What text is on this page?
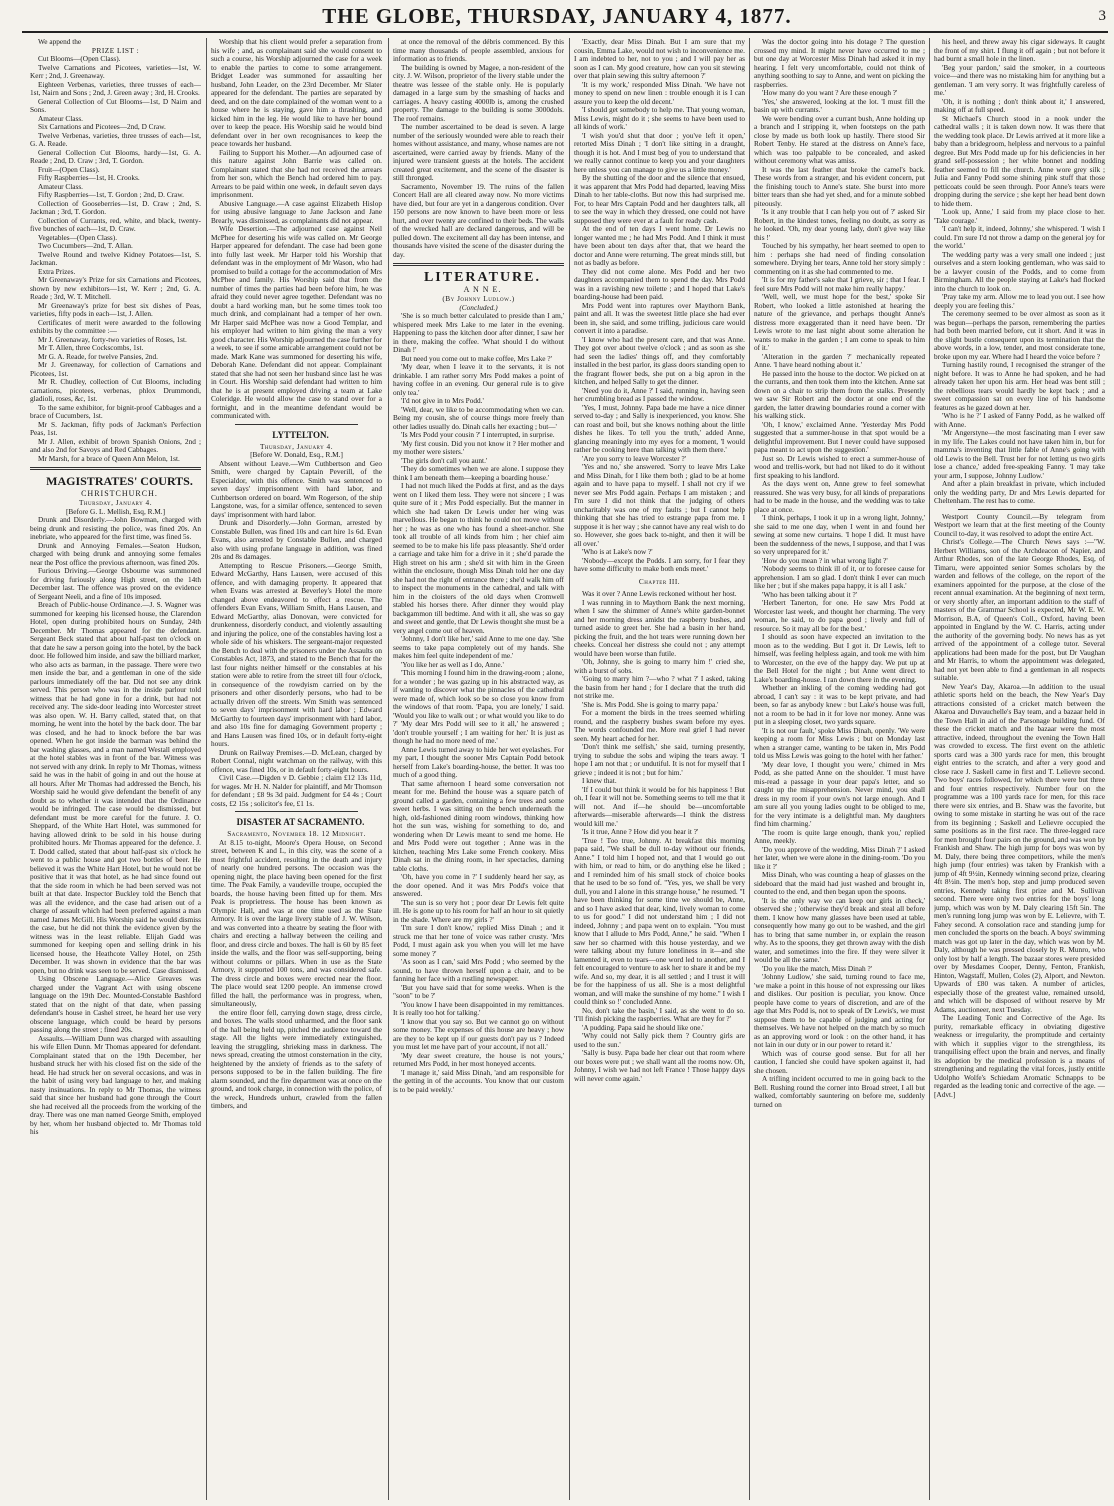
THE GLOBE, THURSDAY, JANUARY 4, 1877.	3

We append the

PRIZE LIST :

Cut Blooms—(Open Class).

Twelve Carnations and Picotees, varieties—1st, W. Kerr ; 2nd, J. Greenaway.

Eighteen Verbenas, varieties, three trusses of each—1st, Nairn and Sons ; 2nd, J. Green away ; 3rd, H. Crooks.

General Collection of Cut Blooms—1st, D Nairn and Sons.

Amateur Class.

Six Carnations and Picotees—2nd, D Craw.

Twelve Verbenas, varieties, three trusses of each—1st, G. A. Reade.

General Collection Cut Blooms, hardy—1st, G. A. Reade ; 2nd, D. Craw ; 3rd, T. Gordon.

Fruit—(Open Class).

Fifty Raspberries—1st, H. Crooks.

Amateur Class.

Fifty Raspberries—1st, T. Gordon ; 2nd, D. Craw.

Collection of Gooseberries—1st, D. Craw ; 2nd, S. Jackman ; 3rd, T. Gordon.

Collection of Currants, red, white, and black, twenty-five bunches of each—1st, D. Craw.

Vegetables—(Open Class).

Two Cucumbers—2nd, T. Allan.

Twelve Round and twelve Kidney Potatoes—1st, S. Jackman.

Extra Prizes.

Mr Greenaway's Prize for six Carnations and Picotees, shown by new exhibitors—1st, W. Kerr ; 2nd, G. A. Reade ; 3rd, W. T. Mitchell.

Mr Greenaway's prize for best six dishes of Peas, varieties, fifty pods in each—1st, J. Allen.

Certificates of merit were awarded to the following exhibits by the committee :—

Mr J. Greenaway, forty-two varieties of Roses, 1st.

Mr T. Allen, three Cockscombs, 1st.

Mr G. A. Reade, for twelve Pansies, 2nd.

Mr J. Greenaway, for collection of Carnations and Picotees, 1st.

Mr R. Chudley, collection of Cut Blooms, including carnations, picotees, verbenas, phlox Drummondi, gladioli, roses, &c, 1st.

To the same exhibitor, for bignit-proof Cabbages and a brace of Cucumbers, 1st.

Mr S. Jackman, fifty pods of Jackman's Perfection Peas, 1st.

Mr J. Allen, exhibit of brown Spanish Onions, 2nd ; and also 2nd for Savoys and Red Cabbages.

Mr Marsh, for a brace of Queen Ann Melon, 1st.

MAGISTRATES' COURTS.

CHRISTCHURCH.

Thursday, January 4.

[Before G. L. Mellish, Esq, R.M.]

Drunk and Disorderly.—John Bowman, charged with being drunk and resisting the police, was fined 20s. An inebriate, who appeared for the first time, was fined 5s.

Drunk and Annoying Females.—Seaton Hudson, charged with being drunk and annoying some females near the Post office the previous afternoon, was fined 20s.

Furious Driving.—George Osbourne was summoned for driving furiously along High street, on the 14th December last. The offence was proved on the evidence of Sergeant Neeli, and a fine of 10s imposed.

Breach of Public-house Ordinance.—J. S. Wagner was summoned for keeping his licensed house, the Clarendon Hotel, open during prohibited hours on Sunday, 24th December. Mr Thomas appeared for the defendant. Sergeant Beck stated that about half-past ten o'clock on that date he saw a person going into the hotel, by the back door. He followed him inside, and saw the billiard marker, who also acts as barman, in the passage. There were two men inside the bar, and a gentleman in one of the side parlours immediately off the bar. Did not see any drink served. This person who was in the inside parlour told witness that he had gone in for a drink, but had not received any. The side-door leading into Worcester street was also open. W. H. Barry called, stated that, on that morning, he went into the hotel by the back door. The bar was closed, and he had to knock before the bar was opened. When he got inside the barman was behind the bar washing glasses, and a man named Westall employed at the hotel stables was in front of the bar. Witness was not served with any drink. In reply to Mr Thomas, witness said he was in the habit of going in and out the house at all hours. After Mr Thomas had addressed the Bench, his Worship said he would give defendant the benefit of any doubt as to whether it was intended that the Ordinance would be infringed. The case would be dismissed, but defendant must be more careful for the future. J. O. Sheppard, of the White Hart Hotel, was summoned for having allowed drink to be sold in his house during prohibited hours. Mr Thomas appeared for the defence. J. T. Dodd called, stated that about half-past six o'clock he went to a public house and got two bottles of beer. He believed it was the White Hart Hotel, but he would not be positive that it was that hotel, as he had since found out that the side room in which he had been served was not built at that date. Inspector Buckley told the Bench that was all the evidence, and the case had arisen out of a charge of assault which had been preferred against a man named James McGill. His Worship said he would dismiss the case, but he did not think the evidence given by the witness was in the least reliable. Elijah Gadd was summoned for keeping open and selling drink in his licensed house, the Heathcote Valley Hotel, on 25th December. It was shown in evidence that the bar was open, but no drink was seen to be served. Case dismissed.

Using Obscene Language.—Alice Greaves was charged under the Vagrant Act with using obscene language on the 19th Dec. Mounted-Constable Bashford stated that on the night of that date, when passing defendant's house in Cashel street, he heard her use very obscene language, which could be heard by persons passing along the street ; fined 20s.

Assaults.—William Dunn was charged with assaulting his wife Ellen Dunn. Mr Thomas appeared for defendant. Complainant stated that on the 19th December, her husband struck her with his closed fist on the side of the head. He had struck her on several occasions, and was in the habit of using very bad language to her, and making nasty insinuations. In reply to Mr Thomas, the witness said that since her husband had gone through the Court she had received all the proceeds from the working of the dray. There was one man named George Smith, employed by her, whom her husband objected to. Mr Thomas told his

Worship that his client would prefer a separation from his wife ; and, as complainant said she would consent to such a course, his Worship adjourned the case for a week to enable the parties to come to some arrangement. Bridget Leader was summoned for assaulting her husband, John Leader, on the 23rd December. Mr Slater appeared for the defendant. The parties are separated by deed, and on the date complained of the woman went to a house where he is staying, gave him a thrashing, and kicked him in the leg. He would like to have her bound over to keep the peace. His Worship said he would bind defendant over in her own recognisances to keep the peace towards her husband.

Failing to Support his Mother.—An adjourned case of this nature against John Barrie was called on. Complainant stated that she had not received the arrears from her son, which the Bench had ordered him to pay. Arrears to be paid within one week, in default seven days imprisonment.

Abusive Language.—A case against Elizabeth Hislop for using abusive language to Jane Jackson and Jane Brearly, was dismissed, as complainants did not appear.

Wife Desertion.—The adjourned case against Neil McPhee for deserting his wife was called on. Mr George Harper appeared for defendant. The case had been gone into fully last week. Mr Harper told his Worship that defendant was in the employment of Mr Wason, who had promised to build a cottage for the accommodation of Mrs McPhee and family. His Worship said that from the number of times the parties had been before him, he was afraid they could never agree together. Defendant was no doubt a hard working man, but he some times took too much drink, and complainant had a temper of her own. Mr Harper said McPhee was now a Good Templar, and his employer had written to him giving the man a very good character. His Worship adjourned the case further for a week, to see if some amicable arrangement could not be made. Mark Kane was summoned for deserting his wife, Deborah Kane. Defendant did not appear. Complainant stated that she had not seen her husband since last he was in Court. His Worship said defendant had written to him that he is at present employed driving a team at Lake Coleridge. He would allow the case to stand over for a fortnight, and in the meantime defendant would be communicated with.

LYTTELTON.

Thursday, January 4.

[Before W. Donald, Esq., R.M.]

Absent without Leave.—Wm Cuthbertson and Geo Smith, were charged by Captain Peverill, of the Especialdor, with this offence. Smith was sentenced to seven days' imprisonment with hard labor, and Cuthbertson ordered on board. Wm Rogerson, of the ship Langstone, was, for a similar offence, sentenced to seven days' imprisonment with hard labor.

Drunk and Disorderly.—John Gorman, arrested by Constable Bullen, was fined 10s and cart hire 1s 6d. Evan Evans, also arrested by Constable Bullen, and charged also with using profane language in addition, was fined 20s and 8s damages.

Attempting to Rescue Prisoners.—George Smith, Edward McGarthy, Hans Lausen, were accused of this offence, and with damaging property. It appeared that when Evans was arrested at Beverley's Hotel the more changed above endeavored to effect a rescue. The offenders Evan Evans, William Smith, Hans Lausen, and Edward McGarthy, alias Donovan, were convicted for drunkenness, disorderly conduct, and violently assaulting and injuring the police, one of the constables having lost a whole side of his whiskers. The sergeant-major requested the Bench to deal with the prisoners under the Assaults on Constables Act, 1873, and stated to the Bench that for the last four nights neither himself or the constables at his station were able to retire from the street till four o'clock, in consequence of the rowdyism carried on by the prisoners and other disorderly persons, who had to be actually driven off the streets. Wm Smith was sentenced to seven days' imprisonment with hard labor ; Edward McGarthy to fourteen days' imprisonment with hard labor, and also 10s fine for damaging Government property ; and Hans Lausen was fined 10s, or in default forty-eight hours.

Drunk on Railway Premises.—D. McLean, charged by Robert Connal, night watchman on the railway, with this offence, was fined 10s, or in default forty-eight hours.

Civil Case.—Digden v D. Gebbie ; claim £12 13s 11d, for wages. Mr H. N. Nalder for plaintiff, and Mr Thomson for defendant ; £8 9s 3d paid. Judgment for £4 4s ; Court costs, £2 15s ; solicitor's fee, £1 1s.

DISASTER AT SACRAMENTO.

Sacramento, November 18. 12 Midnight.

At 8.15 to-night, Moore's Opera House, on Second street, between K and L, in this city, was the scene of a most frightful accident, resulting in the death and injury of nearly one hundred persons. The occasion was the opening night, the place having been opened for the first time. The Peak Family, a vaudeville troupe, occupied the boards, the house having been fitted up for them. Mrs Peak is proprietress. The house has been known as Olympic Hall, and was at one time used as the State Armory. It is over the large livery stable of J. W. Wilson, and was converted into a theatre by seating the floor with chairs and erecting a hallway between the ceiling and floor, and dress circle and boxes. The hall is 60 by 85 feet inside the walls, and the floor was self-supporting, being without columns or pillars. When in use as the State Armory, it supported 100 tons, and was considered safe. The dress circle and boxes were erected near the floor. The place would seat 1200 people. An immense crowd filled the hall, the performance was in progress, when, simultaneously,

the entire floor fell, carrying down stage, dress circle, and boxes. The walls stood unharmed, and the floor sank of the hall being held up, pitched the audience toward the stage. All the lights were immediately extinguished, leaving the struggling, shrieking mass in darkness. The news spread, creating the utmost consternation in the city, heightened by the anxiety of friends as to the safety of persons supposed to be in the fallen building. The fire alarm sounded, and the fire department was at once on the ground, and took charge, in connection with the police, of the wreck, Hundreds unhurt, crawled from the fallen timbers, and

at once the removal of the débris commenced. By this time many thousands of people assembled, anxious for information as to friends.

The building is owned by Magee, a non-resident of the city. J. W. Wilson, proprietor of the livery stable under the theatre was lessee of the stable only. He is popularly damaged in a large sum by the smashing of hacks and carriages. A heavy casting 4000lb is, among the crushed property. The damage to the building is some 3000dols. The roof remains.

The number ascertained to be dead is seven. A large number of the seriously wounded were able to reach their homes without assistance, and many, whose names are not ascertained, were carried away by friends. Many of the injured were transient guests at the hotels. The accident created great excitement, and the scene of the disaster is still thronged.

Sacramento, November 19. The ruins of the fallen Concert Hall are all cleared away now. No more victims have died, but four are yet in a dangerous condition. Over 150 persons are now known to have been more or less hurt, and over twenty are confined to their beds. The walls of the wrecked hall are declared dangerous, and will be pulled down. The excitement all day has been intense, and thousands have visited the scene of the disaster during the day.

LITERATURE.

A N N E.

(By Johnny Ludlow.)

(Concluded.)

'She is so much better calculated to preside than I am,' whispered meek Mrs Lake to me later in the evening. Happening to pass the kitchen door after dinner, I saw her in there, making the coffee. 'What should I do without Dinah !'

But need you come out to make coffee, Mrs Lake ?'

'My dear, when I leave it to the servants, it is not drinkable. I am rather sorry Mrs Podd makes a point of having coffee in an evening. Our general rule is to give only tea.'

'I'd not give in to Mrs Podd.'

'Well, dear, we like to be accommodating when we can. Being my cousin, she of course things more freely than other ladies usually do. Dinah calls her exacting ; but—'

'Is Mrs Podd your cousin ?' I interrupted, in surprise.

'My first cousin. Did you not know it ? Her mother and my mother were sisters.'

'The girls don't call you aunt.'

'They do sometimes when we are alone. I suppose they think I am beneath them—keeping a boarding house.'

I had not much liked the Podds at first, and as the days went on I liked them less. They were not sincere ; I was quite sure of it ; Mrs Podd especially. But the manner in which she had taken Dr Lewis under her wing was marvellous. He began to think he could not move without her ; he was as one who has found a sheet-anchor. She took all trouble of all kinds from him ; her chief aim seemed to be to make his life pass pleasantly. She'd order a carriage and take him for a drive in it ; she'd parade the High street on his arm ; she'd sit with him in the Green within the enclosure, though Miss Dinah told her one day she had not the right of entrance there ; she'd walk him off to inspect the monuments in the cathedral, and talk with him in the cloisters of the old days when Cromwell stabled his horses there. After dinner they would play backgammon till bedtime. And with it all, she was so gay and sweet and gentle, that Dr Lewis thought she must be a very angel come out of heaven.

'Johnny, I don't like her,' said Anne to me one day. 'She seems to take papa completely out of my hands. She makes him feel quite independent of me.'

'You like her as well as I do, Anne.'

'This morning I found him in the drawing-room ; alone, for a wonder ; he was gazing up in his abstracted way, as if wanting to discover what the pinnacles of the cathedral were made of, which look so be so close you know from the windows of that room. 'Papa, you are lonely,' I said. 'Would you like to walk out ; or what would you like to do ?' 'My dear Mrs Podd will see to it all,' he answered ; 'don't trouble yourself ; I am waiting for her.' It is just as though he had no more need of me.'

Anne Lewis turned away to hide her wet eyelashes. For my part, I thought the sooner Mrs Captain Podd betook herself from Lake's boarding-house, the better. It was too much of a good thing.

That same afternoon I heard some conversation not meant for me. Behind the house was a square patch of ground called a garden, containing a few trees and some sweet herbs. I was sitting on the bench underneath the high, old-fashioned dining room windows, thinking how hot the sun was, wishing for something to do, and wondering when Dr Lewis meant to send me home. He and Mrs Podd were out together ; Anne was in the kitchen, teaching Mrs Lake some French cookery. Miss Dinah sat in the dining room, in her spectacles, darning table cloths.

'Oh, have you come in ?' I suddenly heard her say, as the door opened. And it was Mrs Podd's voice that answered.

'The sun is so very hot ; poor dear Dr Lewis felt quite ill. He is gone up to his room for half an hour to sit quietly in the shade. Where are my girls ?'

'I'm sure I don't know,' replied Miss Dinah ; and it struck me that her tone of voice was rather crusty. 'Mrs Podd, I must again ask you when you will let me have some money ?'

'As soon as I can,' said Mrs Podd ; who seemed by the sound, to have thrown herself upon a chair, and to be fanning her face with a rustling newspaper.

'But you have said that for some weeks. When is the "soon" to be ?'

'You know I have been disappointed in my remittances. It is really too hot for talking.'

'I know that you say so. But we cannot go on without some money. The expenses of this house are heavy ; how are they to be kept up if our guests don't pay us ? Indeed you must let me have part of your account, if not all.'

'My dear sweet creature, the house is not yours,' returned Mrs Podd, in her most honeyed accents.

'I manage it,' said Miss Dinah, 'and am responsible for the getting in of the accounts. You know that our custom is to be paid weekly.'

'Exactly, dear Miss Dinah. But I am sure that my cousin, Emma Lake, would not wish to inconvenience me. I am indebted to her, not to you ; and I will pay her as soon as I can. My good creature, how can you sit stewing over that plain sewing this sultry afternoon ?'

'It is my work,' responded Miss Dinah. 'We have not money to spend on new linen : trouble enough it is I can assure you to keep the old decent.'

'I should get somebody to help me. That young woman, Miss Lewis, might do it ; she seems to have been used to all kinds of work.'

'I wish you'd shut that door ; you've left it open,' retorted Miss Dinah ; 'I don't like sitting in a draught, though it is hot. And I must beg of you to understand that we really cannot continue to keep you and your daughters here unless you can manage to give us a little money.'

By the shutting of the door and the silence that ensued, it was apparent that Mrs Podd had departed, leaving Miss Dinah to her table-cloths. But now this had surprised me. For, to hear Mrs Captain Podd and her daughters talk, all to see the way in which they dressed, one could not have supposed they were ever at a fault for ready cash.

At the end of ten days I went home. Dr Lewis no longer wanted me ; he had Mrs Podd. And I think it must have been about ten days after that, that we heard the doctor and Anne were returning. The great minds still, but not as badly as before.

They did not come alone. Mrs Podd and her two daughters accompanied them to spend the day. Mrs Podd was in a ravishing new toilette ; and I hoped that Lake's boarding-house had been paid.

Mrs Podd went into raptures over Maythorn Bank, paint and all. It was the sweetest little place she had ever been in, she said, and some trifling, judicious care would convert it into a paradise.

'I know who had the present care, and that was Anne. They got over about twelve o'clock ; and as soon as she had seen the ladies' things off, and they comfortably installed in the best parlor, its glass doors standing open to the fragrant flower beds, she put on a big apron in the kitchen, and helped Sally to get the dinner.

'Need you do it, Anne ?' I said, running in, having seen her crumbling bread as I passed the window.

'Yes, I must, Johnny. Papa bade me have a nice dinner served to-day ; and Sally is inexperienced, you know. She can roast and boil, but she knows nothing about the little dishes he likes. To tell you the truth,' added Anne, glancing meaningly into my eyes for a moment, 'I would rather be cooking here than talking with them there.'

'Are you sorry to leave Worcester ?'

'Yes and no,' she answered. 'Sorry to leave Mrs Lake and Miss Dinah, for I like them both ; glad to be at home again and to have papa to myself. I shall not cry if we never see Mrs Podd again. Perhaps I am mistaken ; and I'm sure I did not think that the judging of others uncharitably was one of my faults ; but I cannot help thinking that she has tried to estrange papa from me. I suppose it is her way ; she cannot have any real wish to do so. However, she goes back to-night, and then it will be all over.'

'Who is at Lake's now ?'

'Nobody—except the Podds. I am sorry, for I fear they have some difficulty to make both ends meet.'

Chapter III.

Was it over ? Anne Lewis reckoned without her host.

I was running in to Maythorn Bank the next morning, when I saw the shimmer of Anne's white garden-bonnet and her morning dress amidst the raspberry bushes, and turned aside to greet her. She had a basin in her hand, picking the fruit, and the hot tears were running down her cheeks. Conceal her distress she could not ; any attempt would have been worse than futile.

'Oh, Johnny, she is going to marry him !' cried she, with a burst of sobs.

'Going to marry him ?—who ? what ?' I asked, taking the basin from her hand ; for I declare that the truth did not strike me.

'She is. Mrs Podd. She is going to marry papa.'

For a moment the birds in the trees seemed whirling round, and the raspberry bushes swam before my eyes. The words confounded me. More real grief I had never seen. My heart ached for her.

'Don't think me selfish,' she said, turning presently, trying to subdue the sobs and wiping the tears away. 'I hope I am not that ; or undutiful. It is not for myself that I grieve ; indeed it is not ; but for him.'

I knew that.

'If I could but think it would be for his happiness ! But oh, I fear it will not be. Something seems to tell me that it will not. And if—he should be—uncomfortable afterwards—miserable afterwards—I think the distress would kill me.'

'Is it true, Anne ? How did you hear it ?'

'True ! Too true, Johnny. At breakfast this morning papa said, "We shall be dull to-day without our friends, Anne." I told him I hoped not, and that I would go out with him, or read to him, or do anything else he liked ; and I reminded him of his small stock of choice books that he used to be so fond of. "Yes, yes, we shall be very dull, you and I alone in this strange house," he resumed. "I have been thinking for some time we should be, Anne, and so I have asked that dear, kind, lively woman to come to us for good." I did not understand him ; I did not indeed, Johnny ; and papa went on to explain. "You must know that I allude to Mrs Podd, Anne," he said. "When I saw her so charmed with this house yesterday, and we were talking about my future loneliness in it—and she lamented it, even to tears—one word led to another, and I felt encouraged to venture to ask her to share it and be my wife. And so, my dear, it is all settled ; and I trust it will be for the happiness of us all. She is a most delightful woman, and will make the sunshine of my home." I wish I could think so !' concluded Anne.

No, don't take the basin,' I said, as she went to do so. 'I'll finish picking the raspberries. What are they for ?'

'A pudding. Papa said he should like one.'

'Why could not Sally pick them ? Country girls are used to the sun.'

'Sally is busy. Papa bade her clear out that room where our boxes were put ; we shall want all the rooms now. Oh, Johnny, I wish we had not left France ! Those happy days will never come again.'

Was the doctor going into his dotage ? The question crossed my mind. It might never have occurred to me ; but one day at Worcester Miss Dinah had asked it in my hearing. I felt very uncomfortable, could not think of anything soothing to say to Anne, and went on picking the raspberries.

'How many do you want ? Are these enough ?'

'Yes,' she answered, looking at the lot. 'I must fill the basin up with currants.'

We were bending over a currant bush, Anne holding up a branch and I stripping it, when footsteps on the path close by made us both look up hastily. There stood Sir Robert Tenby. He stared at the distress on Anne's face, which was too palpable to be concealed, and asked without ceremony what was amiss.

It was the last feather that broke the camel's back. These words from a stranger, and his evident concern, put the finishing touch to Anne's state. She burst into more bitter tears than she had yet shed, and for a minute sobbed piteously.

'Is it any trouble that I can help you out of ?' asked Sir Robert, in the kindest tones, feeling no doubt, as sorry as he looked. 'Oh, my dear young lady, don't give way like this !'

Touched by his sympathy, her heart seemed to open to him : perhaps she had need of finding consolation somewhere. Drying her tears, Anne told her story simply : commenting on it as she had commented to me.

'It is for my father's sake that I grieve, sir ; that I fear. I feel sure Mrs Podd will not make him really happy.'

'Well, well, we must hope for the best,' spoke Sir Robert, who looked a little astonished at hearing the nature of the grievance, and perhaps thought Anne's distress more exaggerated than it need have been. 'Dr Lewis wrote to me last night about some alteration he wants to make in the garden ; I am come to speak to him of it.'

'Alteration in the garden ?' mechanically repeated Anne. 'I have heard nothing about it.'

He passed into the house to the doctor. We picked on at the currants, and then took them into the kitchen. Anne sat down on a chair to strip them from the stalks. Presently we saw Sir Robert and the doctor at one end of the garden, the latter drawing boundaries round a corner with his walking stick.

'Oh, I know,' exclaimed Anne. 'Yesterday Mrs Podd suggested that a summer-house in that spot would be a delightful improvement. But I never could have supposed papa meant to act upon the suggestion.'

Just so. Dr Lewis wished to erect a summer-house of wood and trellis-work, but had not liked to do it without first speaking to his landlord.

As the days went on, Anne grew to feel somewhat reassured. She was very busy, for all kinds of preparations had to be made in the house, and the wedding was to take place at once.

'I think, perhaps, I took it up in a wrong light, Johnny,' she said to me one day, when I went in and found her sewing at some new curtains. 'I hope I did. It must have been the suddenness of the news, I suppose, and that I was so very unprepared for it.'

'How do you mean ? in what wrong light ?'

'Nobody seems to think ill of it, or to foresee cause for apprehension. I am so glad. I don't think I ever can much like her ; but if she makes papa happy, it is all I ask.'

'Who has been talking about it ?'

'Herbert Tanerton, for one. He saw Mrs Podd at Worcester last week, and thought her charming. The very woman, he said, to do papa good ; lively and full of resource. So it may all be for the best.'

I should as soon have expected an invitation to the moon as to the wedding. But I got it. Dr Lewis, left to himself, was feeling helpless again, and took me with him to Worcester, on the eve of the happy day. We put up at the Bell Hotel for the night ; but Anne went direct to Lake's boarding-house. I ran down there in the evening.

Whether an inkling of the coming wedding had got abroad, I can't say : it was to be kept private, and had been, so far as anybody knew : but Lake's house was full, not a room to be had in it for love nor money. Anne was put in a sleeping closet, two yards square.

'It is not our fault,' spoke Miss Dinah, openly. 'We were keeping a room for Miss Lewis ; but on Monday last when a stranger came, wanting to be taken in, Mrs Podd told us Miss Lewis was going to the hotel with her father.'

'My dear love, I thought you were,' chimed in Mrs Podd, as she patted Anne on the shoulder. 'I must have mis-read a passage in your dear papa's letter, and so caught up the misapprehension. Never mind, you shall dress in my room if your own's not large enough. And I am sure all you young ladies ought to be obliged to me, for the very intimate is a delightful man. My daughters find him charming.'

'The room is quite large enough, thank you,' replied Anne, meekly.

'Do you approve of the wedding, Miss Dinah ?' I asked her later, when we were alone in the dining-room. 'Do you like it ?'

Miss Dinah, who was counting a heap of glasses on the sideboard that the maid had just washed and brought in, counted to the end, and then began upon the spoons.

'It is the only way we can keep our girls in check,' observed she ; 'otherwise they'd break and steal all before them. I know how many glasses have been used at table, consequently how many go out to be washed, and the girl has to bring that same number in, or explain the reason why. As to the spoons, they get thrown away with the dish water, and sometimes into the fire. If they were silver it would be all the same.'

'Do you like the match, Miss Dinah ?'

'Johnny Ludlow,' she said, turning round to face me, 'we make a point in this house of not expressing our likes and dislikes. Our position is peculiar, you know. Once people have come to years of discretion, and are of the age that Mrs Podd is, not to speak of Dr Lewis's, we must suppose them to be capable of judging and acting for themselves. We have not helped on the match by so much as an approving word or look : on the other hand, it has not lain in our duty or in our power to retard it.'

Which was of course good sense. But for all her caution, I fancied she could have spoken against it, had she chosen.

A trifling incident occurred to me in going back to the Bell. Rushing round the corner into Broad street, I all but walked, comfortably sauntering on before me, suddenly turned on

his heel, and threw away his cigar sideways. It caught the front of my shirt. I flung it off again ; but not before it had burnt a small hole in the linen.

'Beg your pardon,' said the smoker, in a courteous voice—and there was no mistaking him for anything but a gentleman. 'I am very sorry. It was frightfully careless of me.'

'Oh, it is nothing ; don't think about it,' I answered, making off at full speed.

St Michael's Church stood in a nook under the cathedral walls ; it is taken down now. It was there that the wedding took place. Dr Lewis arrived at it more like a baby than a bridegroom, helpless and nervous to a painful degree. But Mrs Podd made up for his deficiencies in her grand self-possession ; her white bonnet and nodding feather seemed to fill the church. Anne wore grey silk ; Julia and Fanny Podd some shining pink stuff that those petticoats could be seen through. Poor Anne's tears were dropping during the service ; she kept her head bent down to hide them.

'Look up, Anne,' I said from my place close to her. 'Take courage.'

'I can't help it, indeed, Johnny,' she whispered. 'I wish I could. I'm sure I'd not throw a damp on the general joy for the world.'

The wedding party was a very small one indeed ; just ourselves and a stern looking gentleman, who was said to be a lawyer cousin of the Podds, and to come from Birmingham. All the people staying at Lake's had flocked into the church to look on.

'Pray take my arm. Allow me to lead you out. I see how deeply you are feeling this.'

The ceremony seemed to be over almost as soon as it was begun—perhaps the parson, remembering the parties had both been married before, cut it short. And it was in the slight bustle consequent upon its termination that the above words, in a low, tender, and most considerate tone, broke upon my ear. Where had I heard the voice before ?

Turning hastily round, I recognised the stranger of the night before. It was to Anne he had spoken, and he had already taken her upon his arm. Her head was bent still ; the rebellious tears would hardly be kept back ; and a sweet compassion sat on every line of his handsome features as he gazed down at her.

'Who is he ?' I asked of Fanny Podd, as he walked off with Anne.

'Mr Angerstyne—the most fascinating man I ever saw in my life. The Lakes could not have taken him in, but for mamma's inventing that little fable of Anne's going with old Lewis to the Bell. Trust her for not letting us two girls lose a chance,' added free-speaking Fanny. 'I may take your arm, I suppose, Johnny Ludlow.'

And after a plain breakfast in private, which included only the wedding party, Dr and Mrs Lewis departed for Cheltenham. The rest has to come.

Westport County Council.—By telegram from Westport we learn that at the first meeting of the County Council to-day, it was resolved to adopt the entire Act.

Christ's College.—The Church News says :—"W. Herbert Williams, son of the Archdeacon of Napier, and Arthur Rhodes, son of the late George Rhodes, Esq, of Timaru, were appointed senior Somes scholars by the warden and fellows of the college, on the report of the examiners appointed for the purpose, at the close of the recent annual examination. At the beginning of next term, or very shortly after, an important addition to the staff of masters of the Grammar School is expected, Mr W. E. W. Morrison, B.A, of Queen's Coll., Oxford, having been appointed in England by the W. C. Harris, acting under the authority of the governing body. No news has as yet arrived of the appointment of a college tutor. Several applications had been made for the post, but Dr Vaughan and Mr Harris, to whom the appointment was delegated, had not yet been able to find a gentleman in all respects suitable.

New Year's Day, Akaroa.—In addition to the usual athletic sports held on the beach, the New Year's Day attractions consisted of a cricket match between the Akaroa and Duvauchelle's Bay team, and a bazaar held in the Town Hall in aid of the Parsonage building fund. Of these the cricket match and the bazaar were the most attractive, indeed, throughout the evening the Town Hall was crowded to excess. The first event on the athletic sports card was a 300 yards race for men, this brought eight entries to the scratch, and after a very good and close race J. Saskell came in first and T. Lelievre second. Two boys' races followed, for which there were but three and four entries respectively. Number four on the programme was a 100 yards race for men, for this race there were six entries, and B. Shaw was the favorite, but owing to some mistake in starting he was out of the race from its beginning ; Saskell and Lelievre occupied the same positions as in the first race. The three-legged race for men brought four pairs on the ground, and was won by Frankish and Shaw. The high jump for boys was won by M. Daly, there being three competitors, while the men's high jump (four entries) was taken by Frankish with a jump of 4ft 9½in, Kennedy winning second prize, clearing 4ft 8½in. The men's hop, step and jump produced seven entries, Kennedy taking first prize and M. Sullivan second. There were only two entries for the boys' long jump, which was won by M. Daly clearing 15ft 5in. The men's running long jump was won by E. Lelievre, with T. Fahey second. A consolation race and standing jump for men concluded the sports on the beach. A boys' swimming match was got up later in the day, which was won by M. Daly, although he was pressed closely by R. Munro, who only lost by half a length. The bazaar stores were presided over by Mesdames Cooper, Denny, Fenton, Frankish, Hinton, Wagstaff, Mullen, Coles (2), Alport, and Newton. Upwards of £80 was taken. A number of articles, especially those of the greatest value, remained unsold, and which will be disposed of without reserve by Mr Adams, auctioneer, next Tuesday.

The Leading Tonic and Corrective of the Age. Its purity, remarkable efficacy in obviating digestive weakness or irregularity, the promptitude and certainty with which it supplies vigor to the strengthless, its tranquilising effect upon the brain and nerves, and finally its adoption by the medical profession is a means of strengthening and regulating the vital forces, justly entitle Udolpho Wolfe's Schiedam Aromatic Schnapps to be regarded as the leading tonic and corrective of the age. —[Advt.]
